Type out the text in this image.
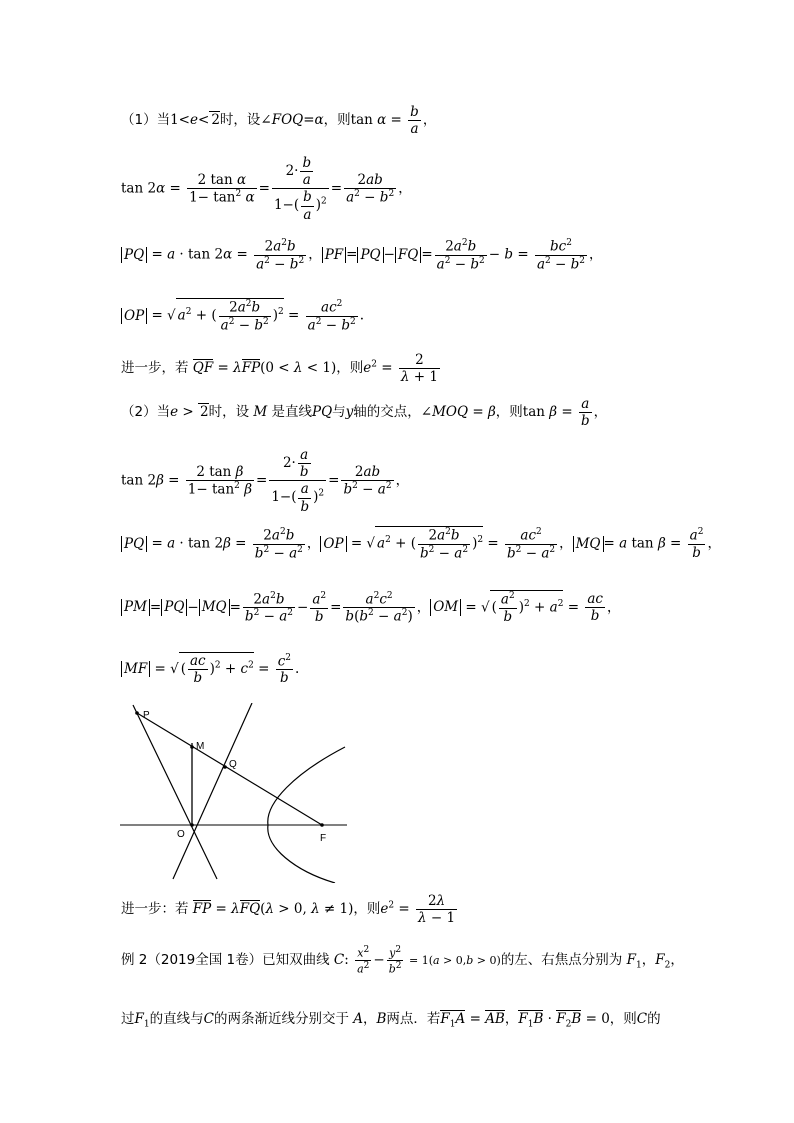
（1）当1<e< 2时，设∠FOQ=α，则$\tan \alpha = \frac{b}{a}$ ，
$\tan 2\alpha = \frac{\text{2 tan α}}{1- \tan^2 \alpha} = \frac{2\cdot \frac{b}{a}}{1-( \frac{b}{a} )^2} = \frac{2ab}{a^2 - b^2}$ ，
PQ = $a \cdot \tan 2\alpha = \frac{2a^2b}{a^2 - b^2}$ ， PF = PQ − FQ = $\frac{2a^2b}{a^2 - b^2} - b = \frac{bc^2}{a^2 - b^2}$ ，
OP = √ $a^2$ + ( $\frac{2a^2b}{a^2 - b^2} )^2 = \frac{ac^2}{a^2 - b^2}$ .
进一步，若 QF = λFP(0 < λ < 1)，则$e^2 = \frac{2}{\lambda + 1}$
（2）当e > 2时，设 M 是直线PQ与y轴的交点，∠MOQ = β，则$\tan \beta = \frac{a}{b}$ ，
$\tan 2\beta = \frac{\text{2 tan β}}{1- \tan^2 \beta} = \frac{2\cdot \frac{a}{b}}{1-( \frac{a}{b} )^2} = \frac{2ab}{b^2 - a^2}$ ，
PQ = $a \cdot \tan 2\beta = \frac{2a^2b}{b^2 - a^2}$ ， OP = √ $a^2$ + ( $\frac{2a^2b}{b^2 - a^2} )^2 = \frac{ac^2}{b^2 - a^2}$ ， MQ = a $\tan \beta = \frac{a^2}{b}$ ，
PM = PQ − MQ = $\frac{2a^2b}{b^2 - a^2} - \frac{a^2}{b} = \frac{a^2c^2}{b(b^2 - a^2)}$ ， OM = √ ( $\frac{a^2}{b} )^2 + a^2 = \frac{ac}{b}$ ，
MF = √ ( $\frac{ac}{b} )^2 + c^2 = \frac{c^2}{b}$ .
P
M
Q
O	F
进一步：若 FP = λFQ(λ > 0, λ ≠ 1)，则$e^2 = \frac{2\lambda}{\lambda - 1}$
例 2（2019全国 1卷）已知双曲线 C: $\frac{x^2}{a^2} - \frac{y^2}{b^2} = 1(a > 0,b > 0)$的左、右焦点分别为 $F_1$，$F_2$，
过$F_1$的直线与C的两条渐近线分别交于 A，B两点．若$F_1A$ = AB，$F_1B \cdot F_2B = 0$，则C的
